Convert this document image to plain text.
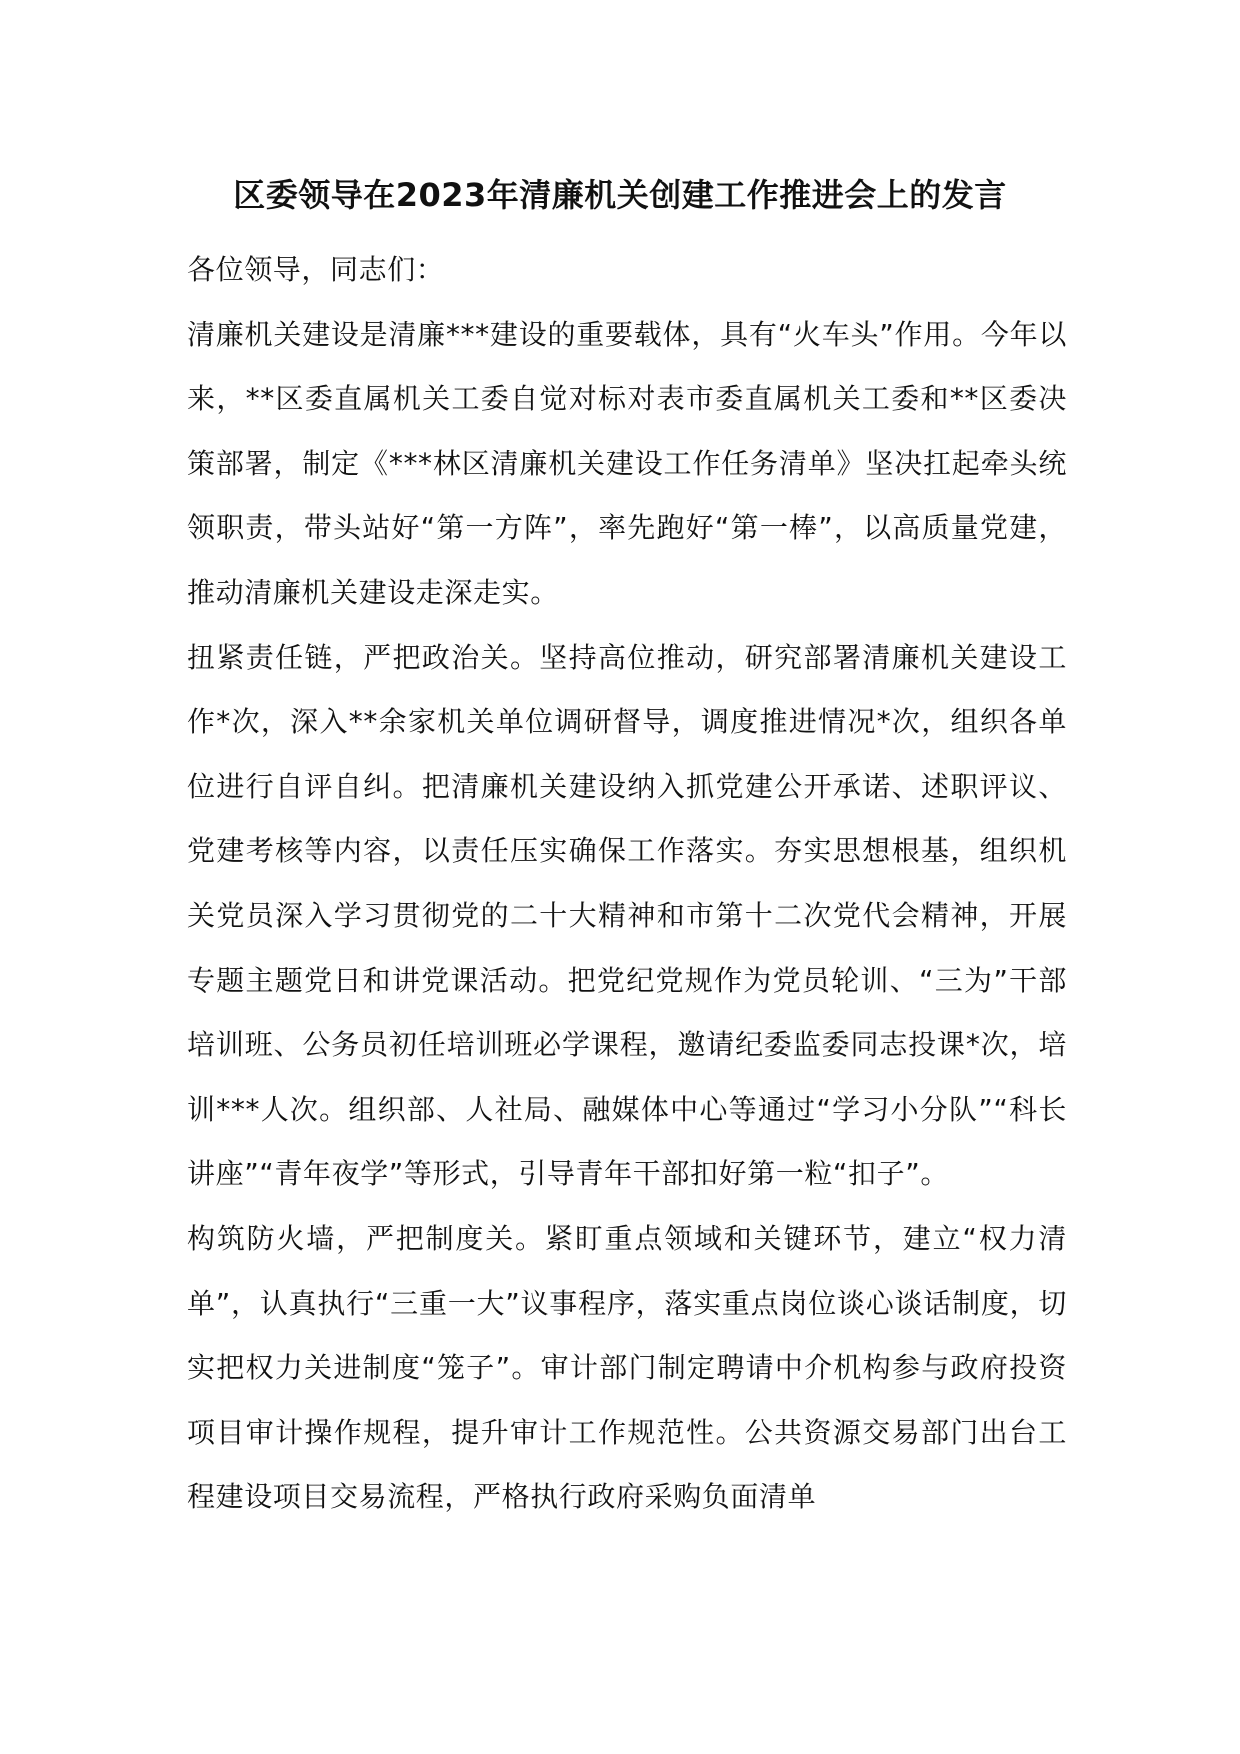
区委领导在2023年清廉机关创建工作推进会上的发言

各位领导，同志们：

清廉机关建设是清廉***建设的重要载体，具有“火车头”作用。今年以来，**区委直属机关工委自觉对标对表市委直属机关工委和**区委决策部署，制定《***林区清廉机关建设工作任务清单》坚决扛起牵头统领职责，带头站好“第一方阵”，率先跑好“第一棒”，以高质量党建，推动清廉机关建设走深走实。

扭紧责任链，严把政治关。坚持高位推动，研究部署清廉机关建设工作*次，深入**余家机关单位调研督导，调度推进情况*次，组织各单位进行自评自纠。把清廉机关建设纳入抓党建公开承诺、述职评议、党建考核等内容，以责任压实确保工作落实。夯实思想根基，组织机关党员深入学习贯彻党的二十大精神和市第十二次党代会精神，开展专题主题党日和讲党课活动。把党纪党规作为党员轮训、“三为”干部培训班、公务员初任培训班必学课程，邀请纪委监委同志投课*次，培训***人次。组织部、人社局、融媒体中心等通过“学习小分队”“科长讲座”“青年夜学”等形式，引导青年干部扣好第一粒“扣子”。

构筑防火墙，严把制度关。紧盯重点领域和关键环节，建立“权力清单”，认真执行“三重一大”议事程序，落实重点岗位谈心谈话制度，切实把权力关进制度“笼子”。审计部门制定聘请中介机构参与政府投资项目审计操作规程，提升审计工作规范性。公共资源交易部门出台工程建设项目交易流程，严格执行政府采购负面清单
